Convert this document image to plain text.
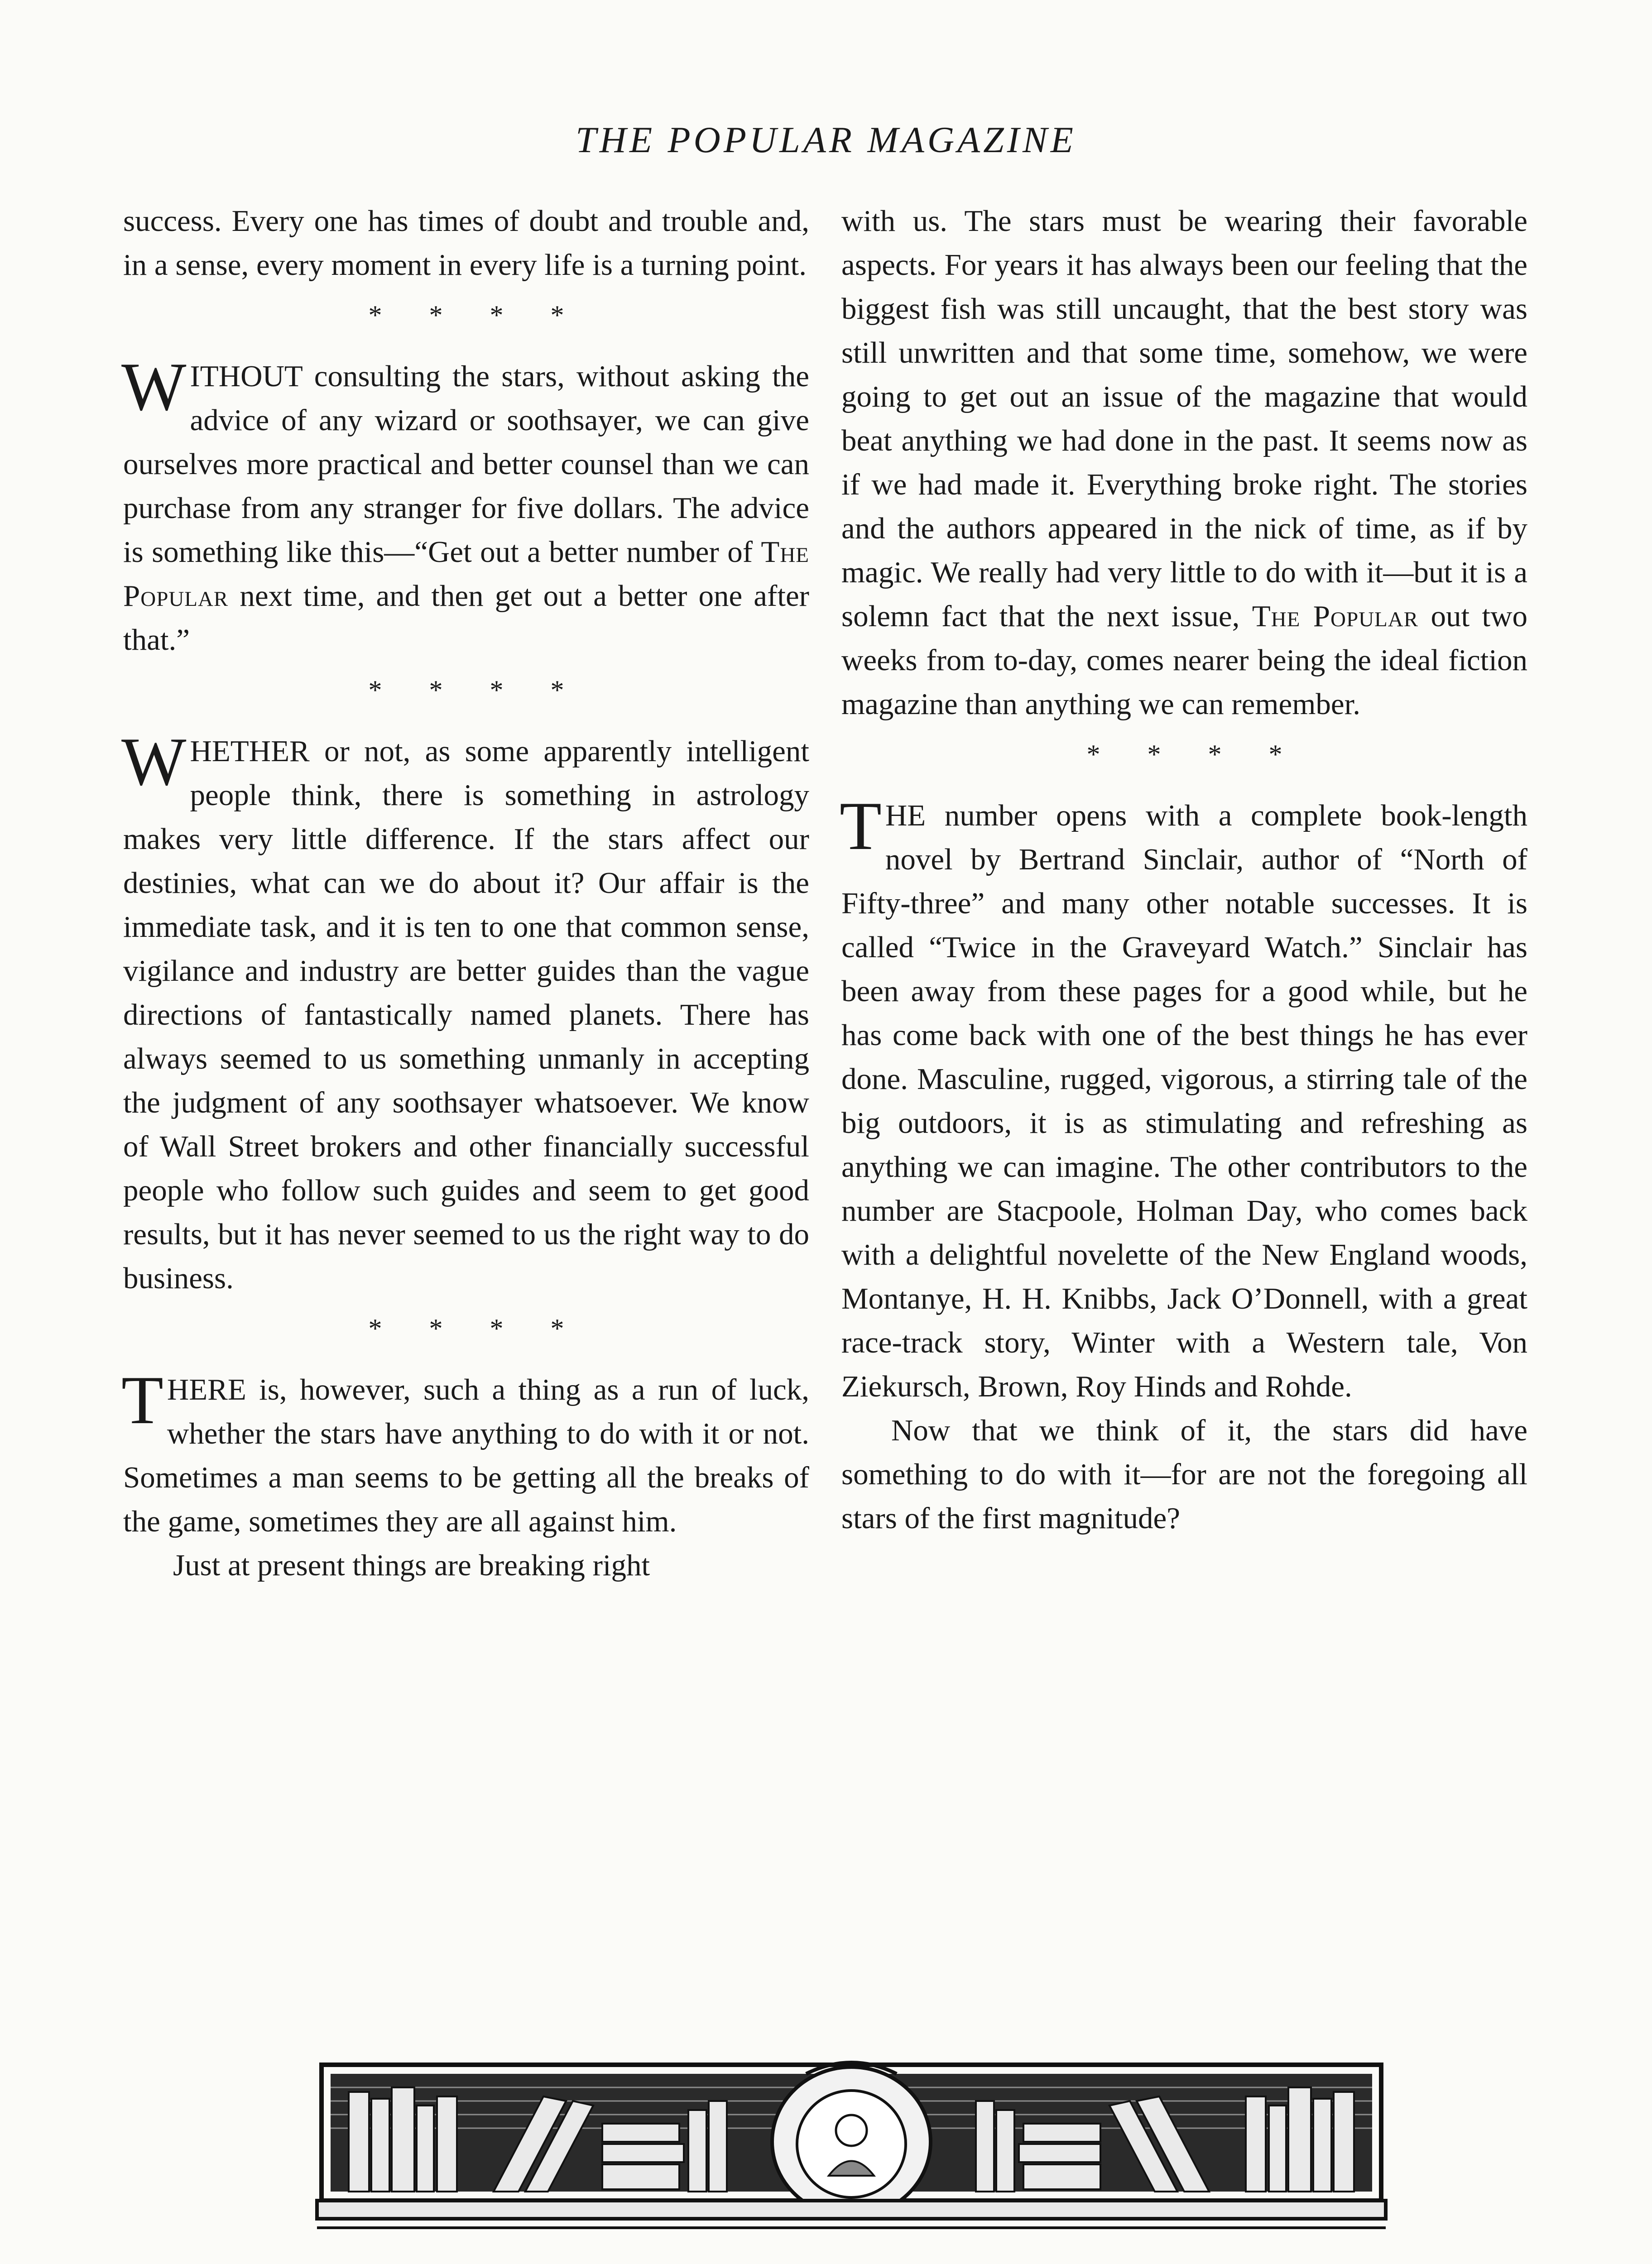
THE POPULAR MAGAZINE

success. Every one has times of doubt and trouble and, in a sense, every moment in every life is a turning point.

* * * *

WITHOUT consulting the stars, without asking the advice of any wizard or soothsayer, we can give ourselves more practical and better counsel than we can purchase from any stranger for five dollars. The advice is something like this—“Get out a better number of The Popular next time, and then get out a better one after that.”

* * * *

WHETHER or not, as some apparently intelligent people think, there is something in astrology makes very little difference. If the stars affect our destinies, what can we do about it? Our affair is the immediate task, and it is ten to one that common sense, vigilance and industry are better guides than the vague directions of fantastically named planets. There has always seemed to us something unmanly in accepting the judgment of any soothsayer whatsoever. We know of Wall Street brokers and other financially successful people who follow such guides and seem to get good results, but it has never seemed to us the right way to do business.

* * * *

THERE is, however, such a thing as a run of luck, whether the stars have anything to do with it or not. Sometimes a man seems to be getting all the breaks of the game, sometimes they are all against him.

Just at present things are breaking right

with us. The stars must be wearing their favorable aspects. For years it has always been our feeling that the biggest fish was still uncaught, that the best story was still unwritten and that some time, somehow, we were going to get out an issue of the magazine that would beat anything we had done in the past. It seems now as if we had made it. Everything broke right. The stories and the authors appeared in the nick of time, as if by magic. We really had very little to do with it—but it is a solemn fact that the next issue, The Popular out two weeks from to-day, comes nearer being the ideal fiction magazine than anything we can remember.

* * * *

THE number opens with a complete book-length novel by Bertrand Sinclair, author of “North of Fifty-three” and many other notable successes. It is called “Twice in the Graveyard Watch.” Sinclair has been away from these pages for a good while, but he has come back with one of the best things he has ever done. Masculine, rugged, vigorous, a stirring tale of the big outdoors, it is as stimulating and refreshing as anything we can imagine. The other contributors to the number are Stacpoole, Holman Day, who comes back with a delightful novelette of the New England woods, Montanye, H. H. Knibbs, Jack O’Donnell, with a great race-track story, Winter with a Western tale, Von Ziekursch, Brown, Roy Hinds and Rohde.

Now that we think of it, the stars did have something to do with it—for are not the foregoing all stars of the first magnitude?
